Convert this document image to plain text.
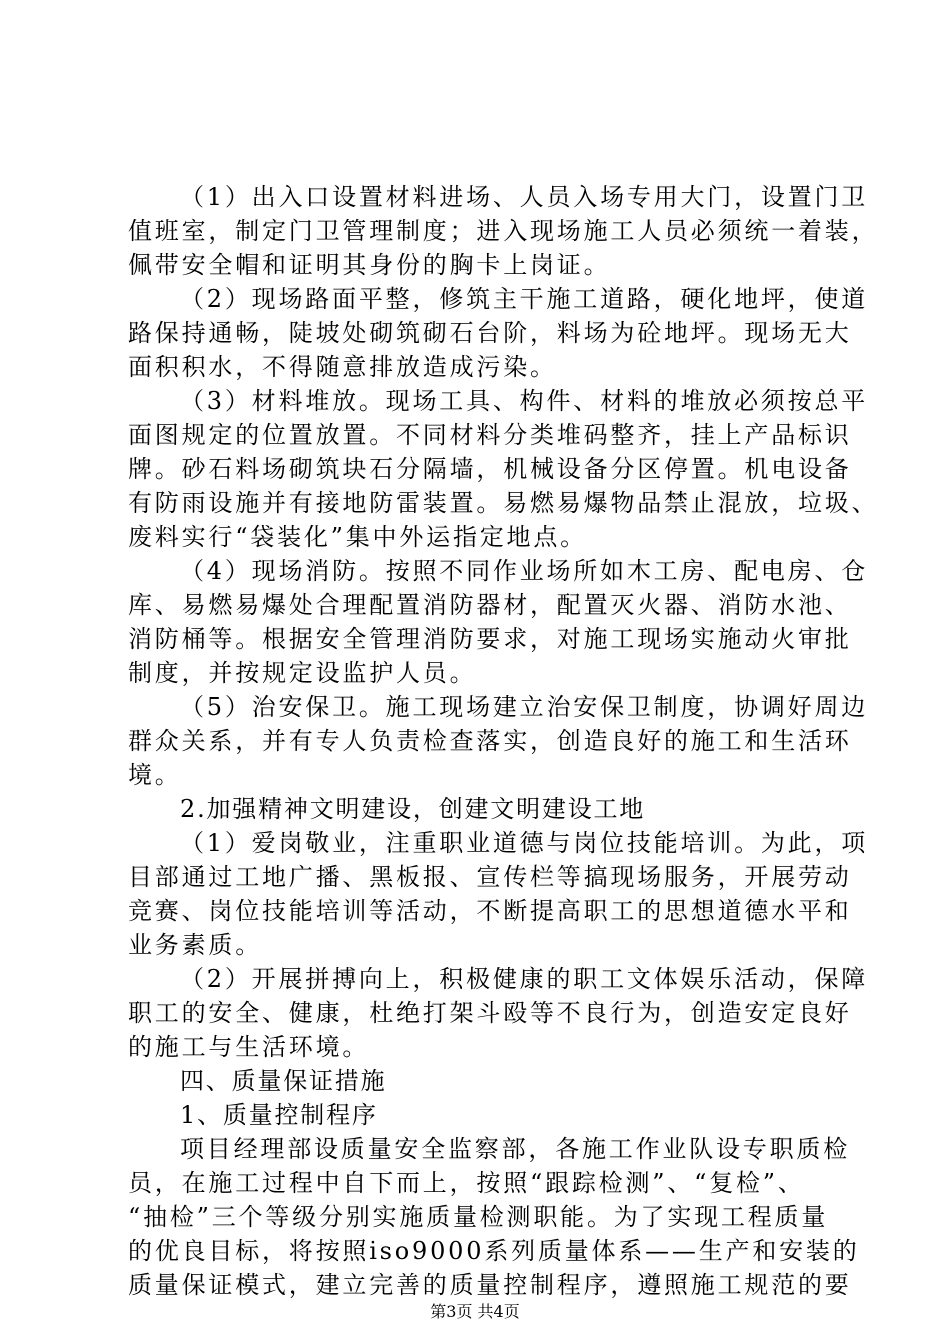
（1）出入口设置材料进场、人员入场专用大门，设置门卫
值班室，制定门卫管理制度；进入现场施工人员必须统一着装，
佩带安全帽和证明其身份的胸卡上岗证。
（2）现场路面平整，修筑主干施工道路，硬化地坪，使道
路保持通畅，陡坡处砌筑砌石台阶，料场为砼地坪。现场无大
面积积水，不得随意排放造成污染。
（3）材料堆放。现场工具、构件、材料的堆放必须按总平
面图规定的位置放置。不同材料分类堆码整齐，挂上产品标识
牌。砂石料场砌筑块石分隔墙，机械设备分区停置。机电设备
有防雨设施并有接地防雷装置。易燃易爆物品禁止混放，垃圾、
废料实行“袋装化”集中外运指定地点。
（4）现场消防。按照不同作业场所如木工房、配电房、仓
库、易燃易爆处合理配置消防器材，配置灭火器、消防水池、
消防桶等。根据安全管理消防要求，对施工现场实施动火审批
制度，并按规定设监护人员。
（5）治安保卫。施工现场建立治安保卫制度，协调好周边
群众关系，并有专人负责检查落实，创造良好的施工和生活环
境。
2.加强精神文明建设，创建文明建设工地
（1）爱岗敬业，注重职业道德与岗位技能培训。为此，项
目部通过工地广播、黑板报、宣传栏等搞现场服务，开展劳动
竞赛、岗位技能培训等活动，不断提高职工的思想道德水平和
业务素质。
（2）开展拼搏向上，积极健康的职工文体娱乐活动，保障
职工的安全、健康，杜绝打架斗殴等不良行为，创造安定良好
的施工与生活环境。
四、质量保证措施
1、质量控制程序
项目经理部设质量安全监察部，各施工作业队设专职质检
员，在施工过程中自下而上，按照“跟踪检测”、“复检”、
“抽检”三个等级分别实施质量检测职能。为了实现工程质量
的优良目标，将按照iso9000系列质量体系——生产和安装的
质量保证模式，建立完善的质量控制程序，遵照施工规范的要
第3页 共4页
